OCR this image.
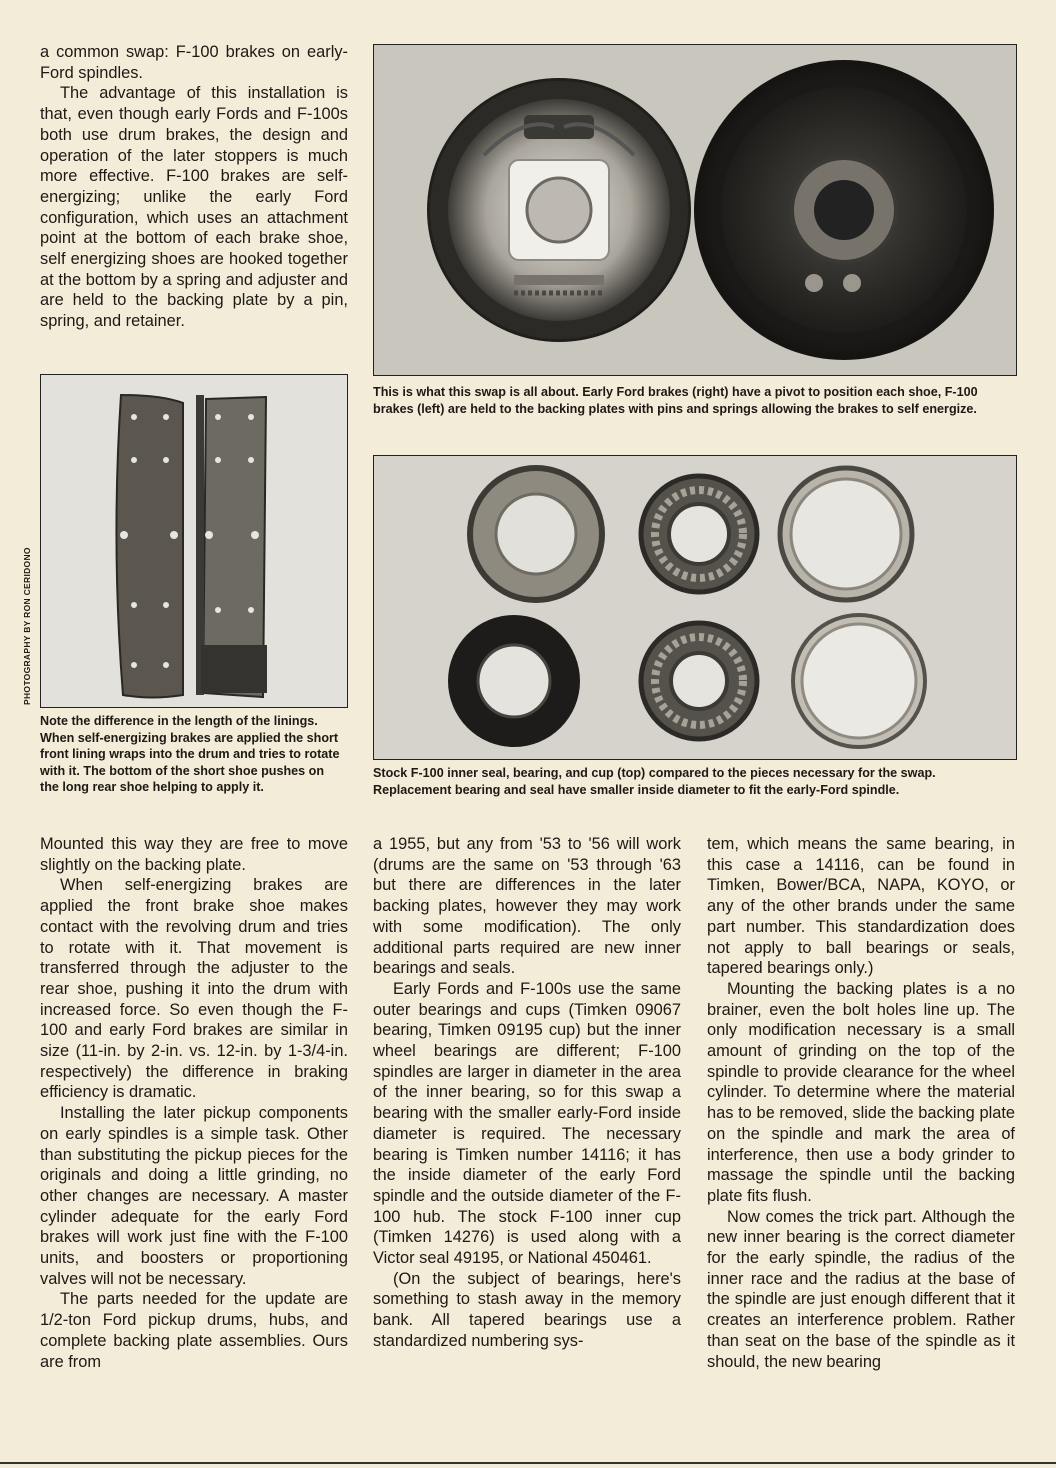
a common swap: F-100 brakes on early-Ford spindles.

The advantage of this installation is that, even though early Fords and F-100s both use drum brakes, the design and operation of the later stoppers is much more effective. F-100 brakes are self-energizing; unlike the early Ford configuration, which uses an attachment point at the bottom of each brake shoe, self energizing shoes are hooked together at the bottom by a spring and adjuster and are held to the backing plate by a pin, spring, and retainer.

This is what this swap is all about. Early Ford brakes (right) have a pivot to position each shoe, F-100 brakes (left) are held to the backing plates with pins and springs allowing the brakes to self energize.
PHOTOGRAPHY BY RON CERIDONO
Note the difference in the length of the linings. When self-energizing brakes are applied the short front lining wraps into the drum and tries to rotate with it. The bottom of the short shoe pushes on the long rear shoe helping to apply it.
Stock F-100 inner seal, bearing, and cup (top) compared to the pieces necessary for the swap. Replacement bearing and seal have smaller inside diameter to fit the early-Ford spindle.

Mounted this way they are free to move slightly on the backing plate.

When self-energizing brakes are applied the front brake shoe makes contact with the revolving drum and tries to rotate with it. That movement is transferred through the adjuster to the rear shoe, pushing it into the drum with increased force. So even though the F-100 and early Ford brakes are similar in size (11-in. by 2-in. vs. 12-in. by 1-3/4-in. respectively) the difference in braking efficiency is dramatic.

Installing the later pickup components on early spindles is a simple task. Other than substituting the pickup pieces for the originals and doing a little grinding, no other changes are necessary. A master cylinder adequate for the early Ford brakes will work just fine with the F-100 units, and boosters or proportioning valves will not be necessary.

The parts needed for the update are 1/2-ton Ford pickup drums, hubs, and complete backing plate assemblies. Ours are from

a 1955, but any from '53 to '56 will work (drums are the same on '53 through '63 but there are differences in the later backing plates, however they may work with some modification). The only additional parts required are new inner bearings and seals.

Early Fords and F-100s use the same outer bearings and cups (Timken 09067 bearing, Timken 09195 cup) but the inner wheel bearings are different; F-100 spindles are larger in diameter in the area of the inner bearing, so for this swap a bearing with the smaller early-Ford inside diameter is required. The necessary bearing is Timken number 14116; it has the inside diameter of the early Ford spindle and the outside diameter of the F-100 hub. The stock F-100 inner cup (Timken 14276) is used along with a Victor seal 49195, or National 450461.

(On the subject of bearings, here's something to stash away in the memory bank. All tapered bearings use a standardized numbering sys-

tem, which means the same bearing, in this case a 14116, can be found in Timken, Bower/BCA, NAPA, KOYO, or any of the other brands under the same part number. This standardization does not apply to ball bearings or seals, tapered bearings only.)

Mounting the backing plates is a no brainer, even the bolt holes line up. The only modification necessary is a small amount of grinding on the top of the spindle to provide clearance for the wheel cylinder. To determine where the material has to be removed, slide the backing plate on the spindle and mark the area of interference, then use a body grinder to massage the spindle until the backing plate fits flush.

Now comes the trick part. Although the new inner bearing is the correct diameter for the early spindle, the radius of the inner race and the radius at the base of the spindle are just enough different that it creates an interference problem. Rather than seat on the base of the spindle as it should, the new bearing
